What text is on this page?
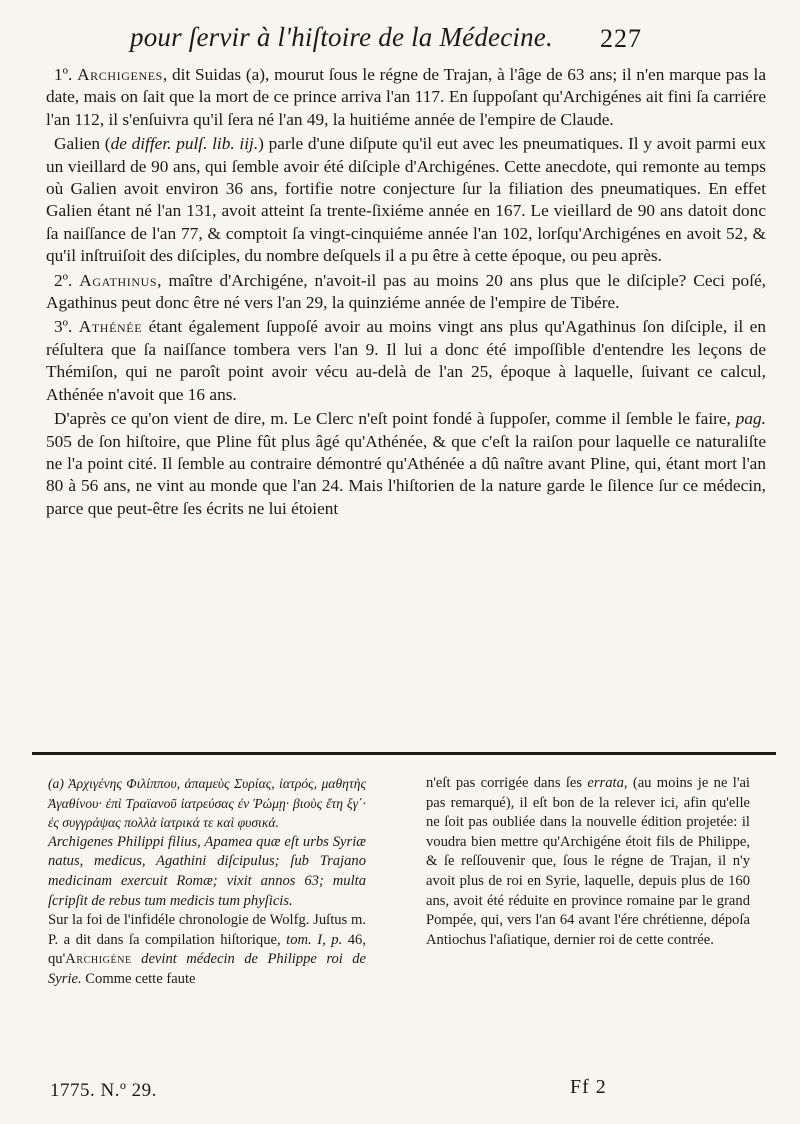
pour ſervir à l'hiſtoire de la Médecine. 227

1º. Archigenes, dit Suidas (a), mourut ſous le régne de Trajan, à l'âge de 63 ans; il n'en marque pas la date, mais on ſait que la mort de ce prince arriva l'an 117. En ſuppoſant qu'Archigénes ait fini ſa carriére l'an 112, il s'enſuivra qu'il ſera né l'an 49, la huitiéme année de l'empire de Claude.

Galien (de differ. pulſ. lib. iij.) parle d'une diſpute qu'il eut avec les pneumatiques. Il y avoit parmi eux un vieillard de 90 ans, qui ſemble avoir été diſciple d'Archigénes. Cette anecdote, qui remonte au temps où Galien avoit environ 36 ans, fortifie notre conjecture ſur la filiation des pneumatiques. En effet Galien étant né l'an 131, avoit atteint ſa trente-ſixiéme année en 167. Le vieillard de 90 ans datoit donc ſa naiſſance de l'an 77, & comptoit ſa vingt-cinquiéme année l'an 102, lorſqu'Archigénes en avoit 52, & qu'il inſtruiſoit des diſciples, du nombre deſquels il a pu être à cette époque, ou peu après.

2º. Agathinus, maître d'Archigéne, n'avoit-il pas au moins 20 ans plus que le diſciple? Ceci poſé, Agathinus peut donc être né vers l'an 29, la quinziéme année de l'empire de Tibére.

3º. Athénée étant également ſuppoſé avoir au moins vingt ans plus qu'Agathinus ſon diſciple, il en réſultera que ſa naiſſance tombera vers l'an 9. Il lui a donc été impoſſible d'entendre les leçons de Thémiſon, qui ne paroît point avoir vécu au-delà de l'an 25, époque à laquelle, ſuivant ce calcul, Athénée n'avoit que 16 ans.

D'après ce qu'on vient de dire, m. Le Clerc n'eſt point fondé à ſuppoſer, comme il ſemble le faire, pag. 505 de ſon hiſtoire, que Pline fût plus âgé qu'Athénée, & que c'eſt la raiſon pour laquelle ce naturaliſte ne l'a point cité. Il ſemble au contraire démontré qu'Athénée a dû naître avant Pline, qui, étant mort l'an 80 à 56 ans, ne vint au monde que l'an 24. Mais l'hiſtorien de la nature garde le ſilence ſur ce médecin, parce que peut-être ſes écrits ne lui étoient

(a) Ἀρχιγένης Φιλίππου, ἀπαμεὺς Συρίας, ἰατρός, μαθητὴς Ἀγαθίνου· ἐπὶ Τραϊανοῦ ἰατρεύσας ἐν Ῥώμῃ· βιοὺς ἔτη ξγ΄· ἐς συγγράψας πολλὰ ἰατρικά τε καὶ φυσικά.

Archigenes Philippi filius, Apamea quæ eſt urbs Syriæ natus, medicus, Agathini diſcipulus; ſub Trajano medicinam exercuit Romæ; vixit annos 63; multa ſcripſit de rebus tum medicis tum phyſicis.

Sur la foi de l'infidéle chronologie de Wolfg. Juſtus m. P. a dit dans ſa compilation hiſtorique, tom. I, p. 46, qu'Archigéne devint médecin de Philippe roi de Syrie. Comme cette faute

n'eſt pas corrigée dans ſes errata, (au moins je ne l'ai pas remarqué), il eſt bon de la relever ici, afin qu'elle ne ſoit pas oubliée dans la nouvelle édition projetée: il voudra bien mettre qu'Archigéne étoit fils de Philippe, & ſe reſſouvenir que, ſous le régne de Trajan, il n'y avoit plus de roi en Syrie, laquelle, depuis plus de 160 ans, avoit été réduite en province romaine par le grand Pompée, qui, vers l'an 64 avant l'ére chrétienne, dépoſa Antiochus l'aſiatique, dernier roi de cette contrée.

1775. N.º 29.	Ff 2
